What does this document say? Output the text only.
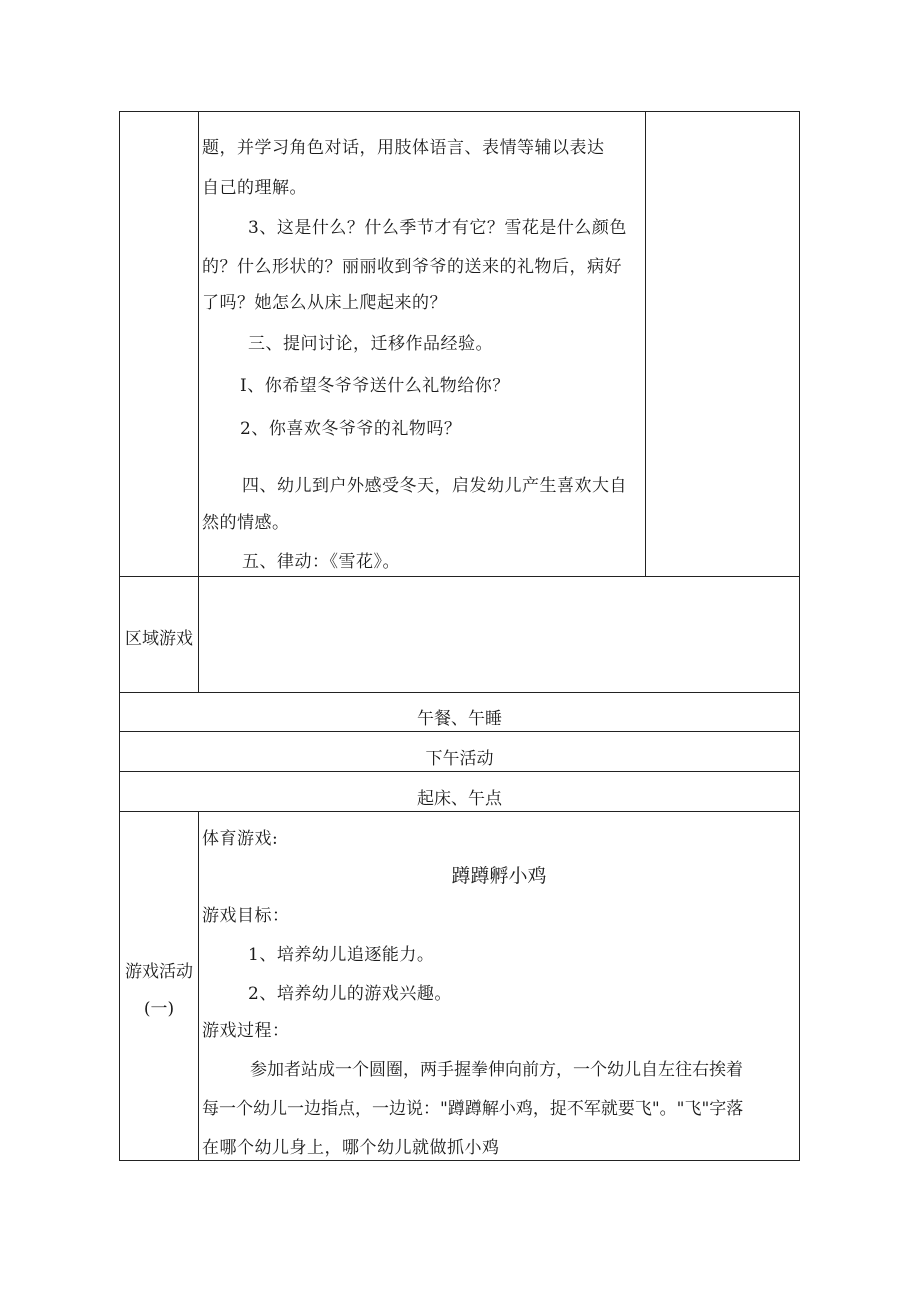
题，并学习角色对话，用肢体语言、表情等辅以表达
自己的理解。
3、这是什么？什么季节才有它？雪花是什么颜色
的？什么形状的？丽丽收到爷爷的送来的礼物后，病好
了吗？她怎么从床上爬起来的？
三、提问讨论，迁移作品经验。
I、你希望冬爷爷送什么礼物给你？
2、你喜欢冬爷爷的礼物吗？
四、幼儿到户外感受冬天，启发幼儿产生喜欢大自
然的情感。
五、律动：《雪花》。
区域游戏
午餐、午睡
下午活动
起床、午点
游戏活动
(一)
体育游戏:
蹲蹲孵小鸡
游戏目标：
1、培养幼儿追逐能力。
2、培养幼儿的游戏兴趣。
游戏过程：
参加者站成一个圆圈，两手握拳伸向前方，一个幼儿自左往右挨着
每一个幼儿一边指点，一边说："蹲蹲解小鸡，捉不军就要飞"。"飞"字落
在哪个幼儿身上，哪个幼儿就做抓小鸡
